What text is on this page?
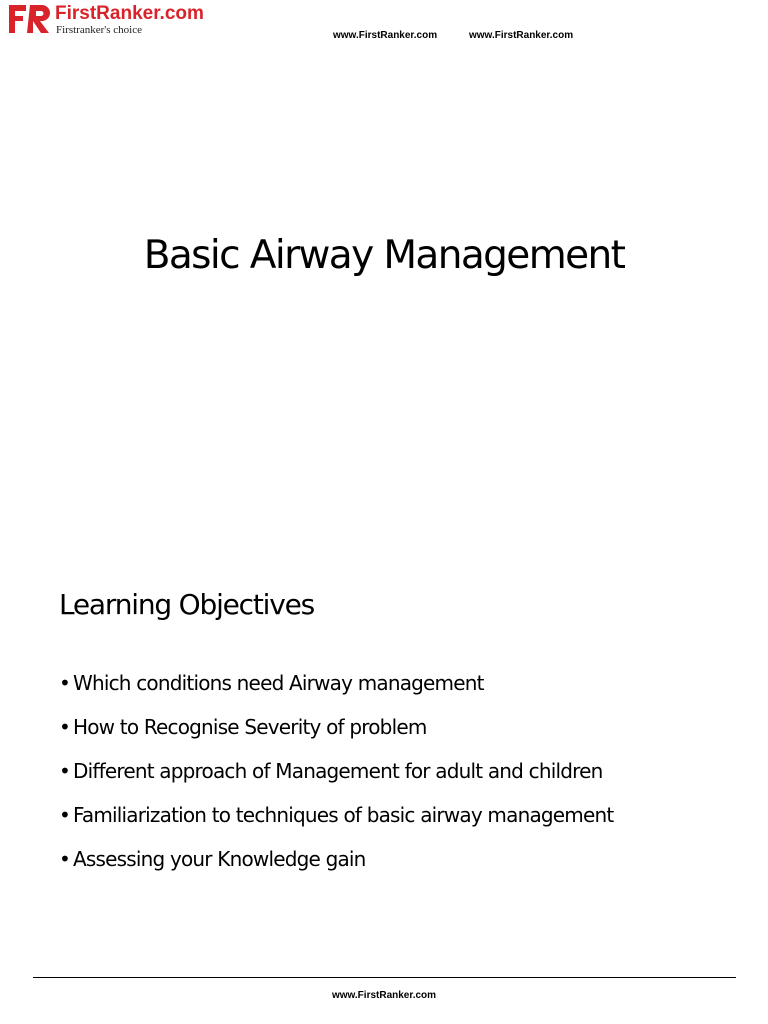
FirstRanker.com
Firstranker's choice	www.FirstRanker.com	www.FirstRanker.com
Basic Airway Management
Learning Objectives
• Which conditions need Airway management
• How to Recognise Severity of problem
• Different approach of Management for adult and children
• Familiarization to techniques of basic airway management
• Assessing your Knowledge gain
www.FirstRanker.com
